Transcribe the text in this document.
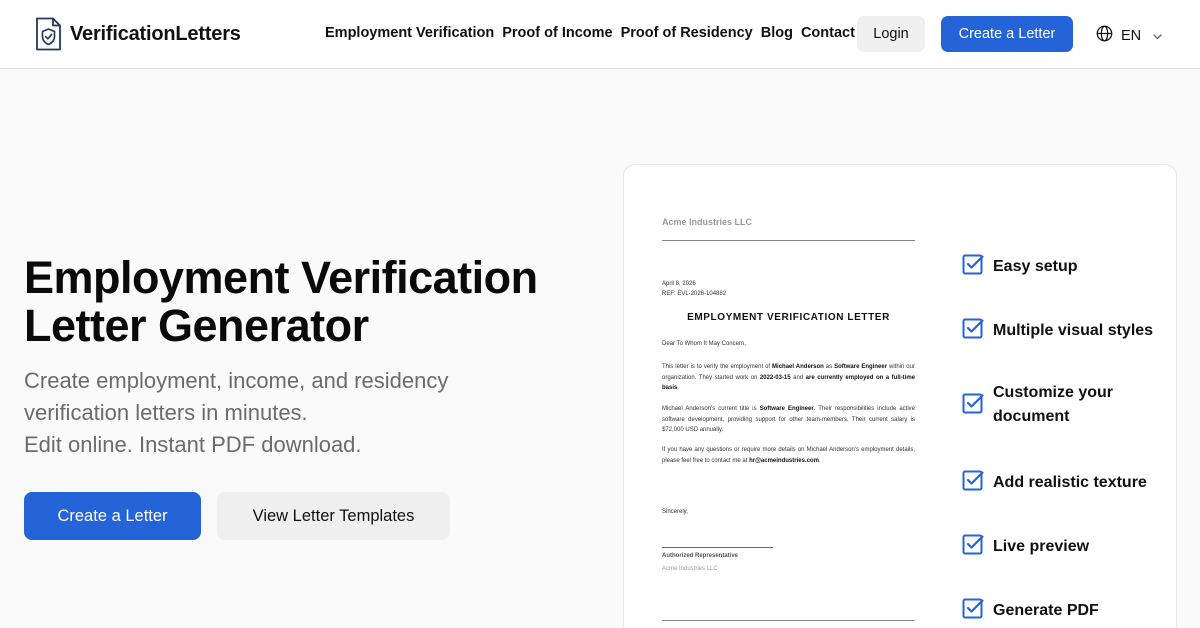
VerificationLetters	Employment Verification Proof of Income Proof of Residency Blog Contact	Login	Create a Letter	EN
Employment Verification
Letter Generator
Create employment, income, and residency
verification letters in minutes.
Edit online. Instant PDF download.
Create a Letter	View Letter Templates
Acme Industries LLC
April 8, 2026
REF: EVL-2026-104882
EMPLOYMENT VERIFICATION LETTER
Dear To Whom It May Concern,
This letter is to verify the employment of Michael Anderson as Software Engineer within our organization. They started work on 2022-03-15 and are currently employed on a full-time basis.
Michael Anderson's current title is Software Engineer. Their responsibilities include active software development, providing support for other team-members. Their current salary is $72,000 USD annually.
If you have any questions or require more details on Michael Anderson's employment details, please feel free to contact me at hr@acmeindustries.com.
Sincerely,
Authorized Representative
Acme Industries LLC
Easy setup
Multiple visual styles
Customize your document
Add realistic texture
Live preview
Generate PDF
